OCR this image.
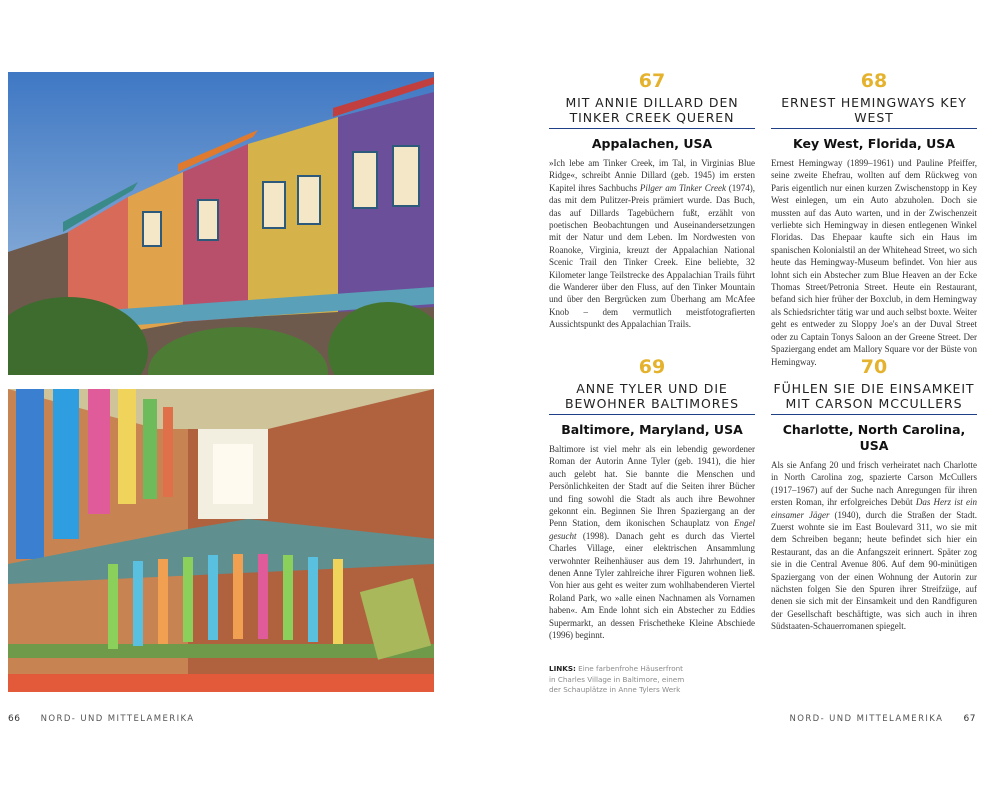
67
MIT ANNIE DILLARD DEN TINKER CREEK QUEREN
Appalachen, USA
»Ich lebe am Tinker Creek, im Tal, in Virginias Blue Ridge«, schreibt Annie Dillard (geb. 1945) im ersten Kapitel ihres Sachbuchs Pilger am Tinker Creek (1974), das mit dem Pulitzer-Preis prämiert wurde. Das Buch, das auf Dillards Tagebüchern fußt, erzählt von poetischen Beobachtungen und Auseinandersetzungen mit der Natur und dem Leben. Im Nordwesten von Roanoke, Virginia, kreuzt der Appalachian National Scenic Trail den Tinker Creek. Eine beliebte, 32 Kilometer lange Teilstrecke des Appalachian Trails führt die Wanderer über den Fluss, auf den Tinker Mountain und über den Bergrücken zum Überhang am McAfee Knob – dem vermutlich meistfotografierten Aussichtspunkt des Appalachian Trails.
68
ERNEST HEMINGWAYS KEY WEST
Key West, Florida, USA
Ernest Hemingway (1899–1961) und Pauline Pfeiffer, seine zweite Ehefrau, wollten auf dem Rückweg von Paris eigentlich nur einen kurzen Zwischenstopp in Key West einlegen, um ein Auto abzuholen. Doch sie mussten auf das Auto warten, und in der Zwischenzeit verliebte sich Hemingway in diesen entlegenen Winkel Floridas. Das Ehepaar kaufte sich ein Haus im spanischen Kolonialstil an der Whitehead Street, wo sich heute das Hemingway-Museum befindet. Von hier aus lohnt sich ein Abstecher zum Blue Heaven an der Ecke Thomas Street/Petronia Street. Heute ein Restaurant, befand sich hier früher der Boxclub, in dem Hemingway als Schiedsrichter tätig war und auch selbst boxte. Weiter geht es entweder zu Sloppy Joe's an der Duval Street oder zu Captain Tonys Saloon an der Greene Street. Der Spaziergang endet am Mallory Square vor der Büste von Hemingway.
69
ANNE TYLER UND DIE BEWOHNER BALTIMORES
Baltimore, Maryland, USA
Baltimore ist viel mehr als ein lebendig gewordener Roman der Autorin Anne Tyler (geb. 1941), die hier auch gelebt hat. Sie bannte die Menschen und Persönlichkeiten der Stadt auf die Seiten ihrer Bücher und fing sowohl die Stadt als auch ihre Bewohner gekonnt ein. Beginnen Sie Ihren Spaziergang an der Penn Station, dem ikonischen Schauplatz von Engel gesucht (1998). Danach geht es durch das Viertel Charles Village, einer elektrischen Ansammlung verwohnter Reihenhäuser aus dem 19. Jahrhundert, in denen Anne Tyler zahlreiche ihrer Figuren wohnen ließ. Von hier aus geht es weiter zum wohlhabenderen Viertel Roland Park, wo »alle einen Nachnamen als Vornamen haben«. Am Ende lohnt sich ein Abstecher zu Eddies Supermarkt, an dessen Frischetheke Kleine Abschiede (1996) beginnt.
70
FÜHLEN SIE DIE EINSAMKEIT MIT CARSON MCCULLERS
Charlotte, North Carolina, USA
Als sie Anfang 20 und frisch verheiratet nach Charlotte in North Carolina zog, spazierte Carson McCullers (1917–1967) auf der Suche nach Anregungen für ihren ersten Roman, ihr erfolgreiches Debüt Das Herz ist ein einsamer Jäger (1940), durch die Straßen der Stadt. Zuerst wohnte sie im East Boulevard 311, wo sie mit dem Schreiben begann; heute befindet sich hier ein Restaurant, das an die Anfangszeit erinnert. Später zog sie in die Central Avenue 806. Auf dem 90-minütigen Spaziergang von der einen Wohnung der Autorin zur nächsten folgen Sie den Spuren ihrer Streifzüge, auf denen sie sich mit der Einsamkeit und den Randfiguren der Gesellschaft beschäftigte, was sich auch in ihren Südstaaten-Schauerromanen spiegelt.
LINKS: Eine farbenfrohe Häuserfront in Charles Village in Baltimore, einem der Schauplätze in Anne Tylers Werk
66 NORD- UND MITTELAMERIKA	NORD- UND MITTELAMERIKA 67
